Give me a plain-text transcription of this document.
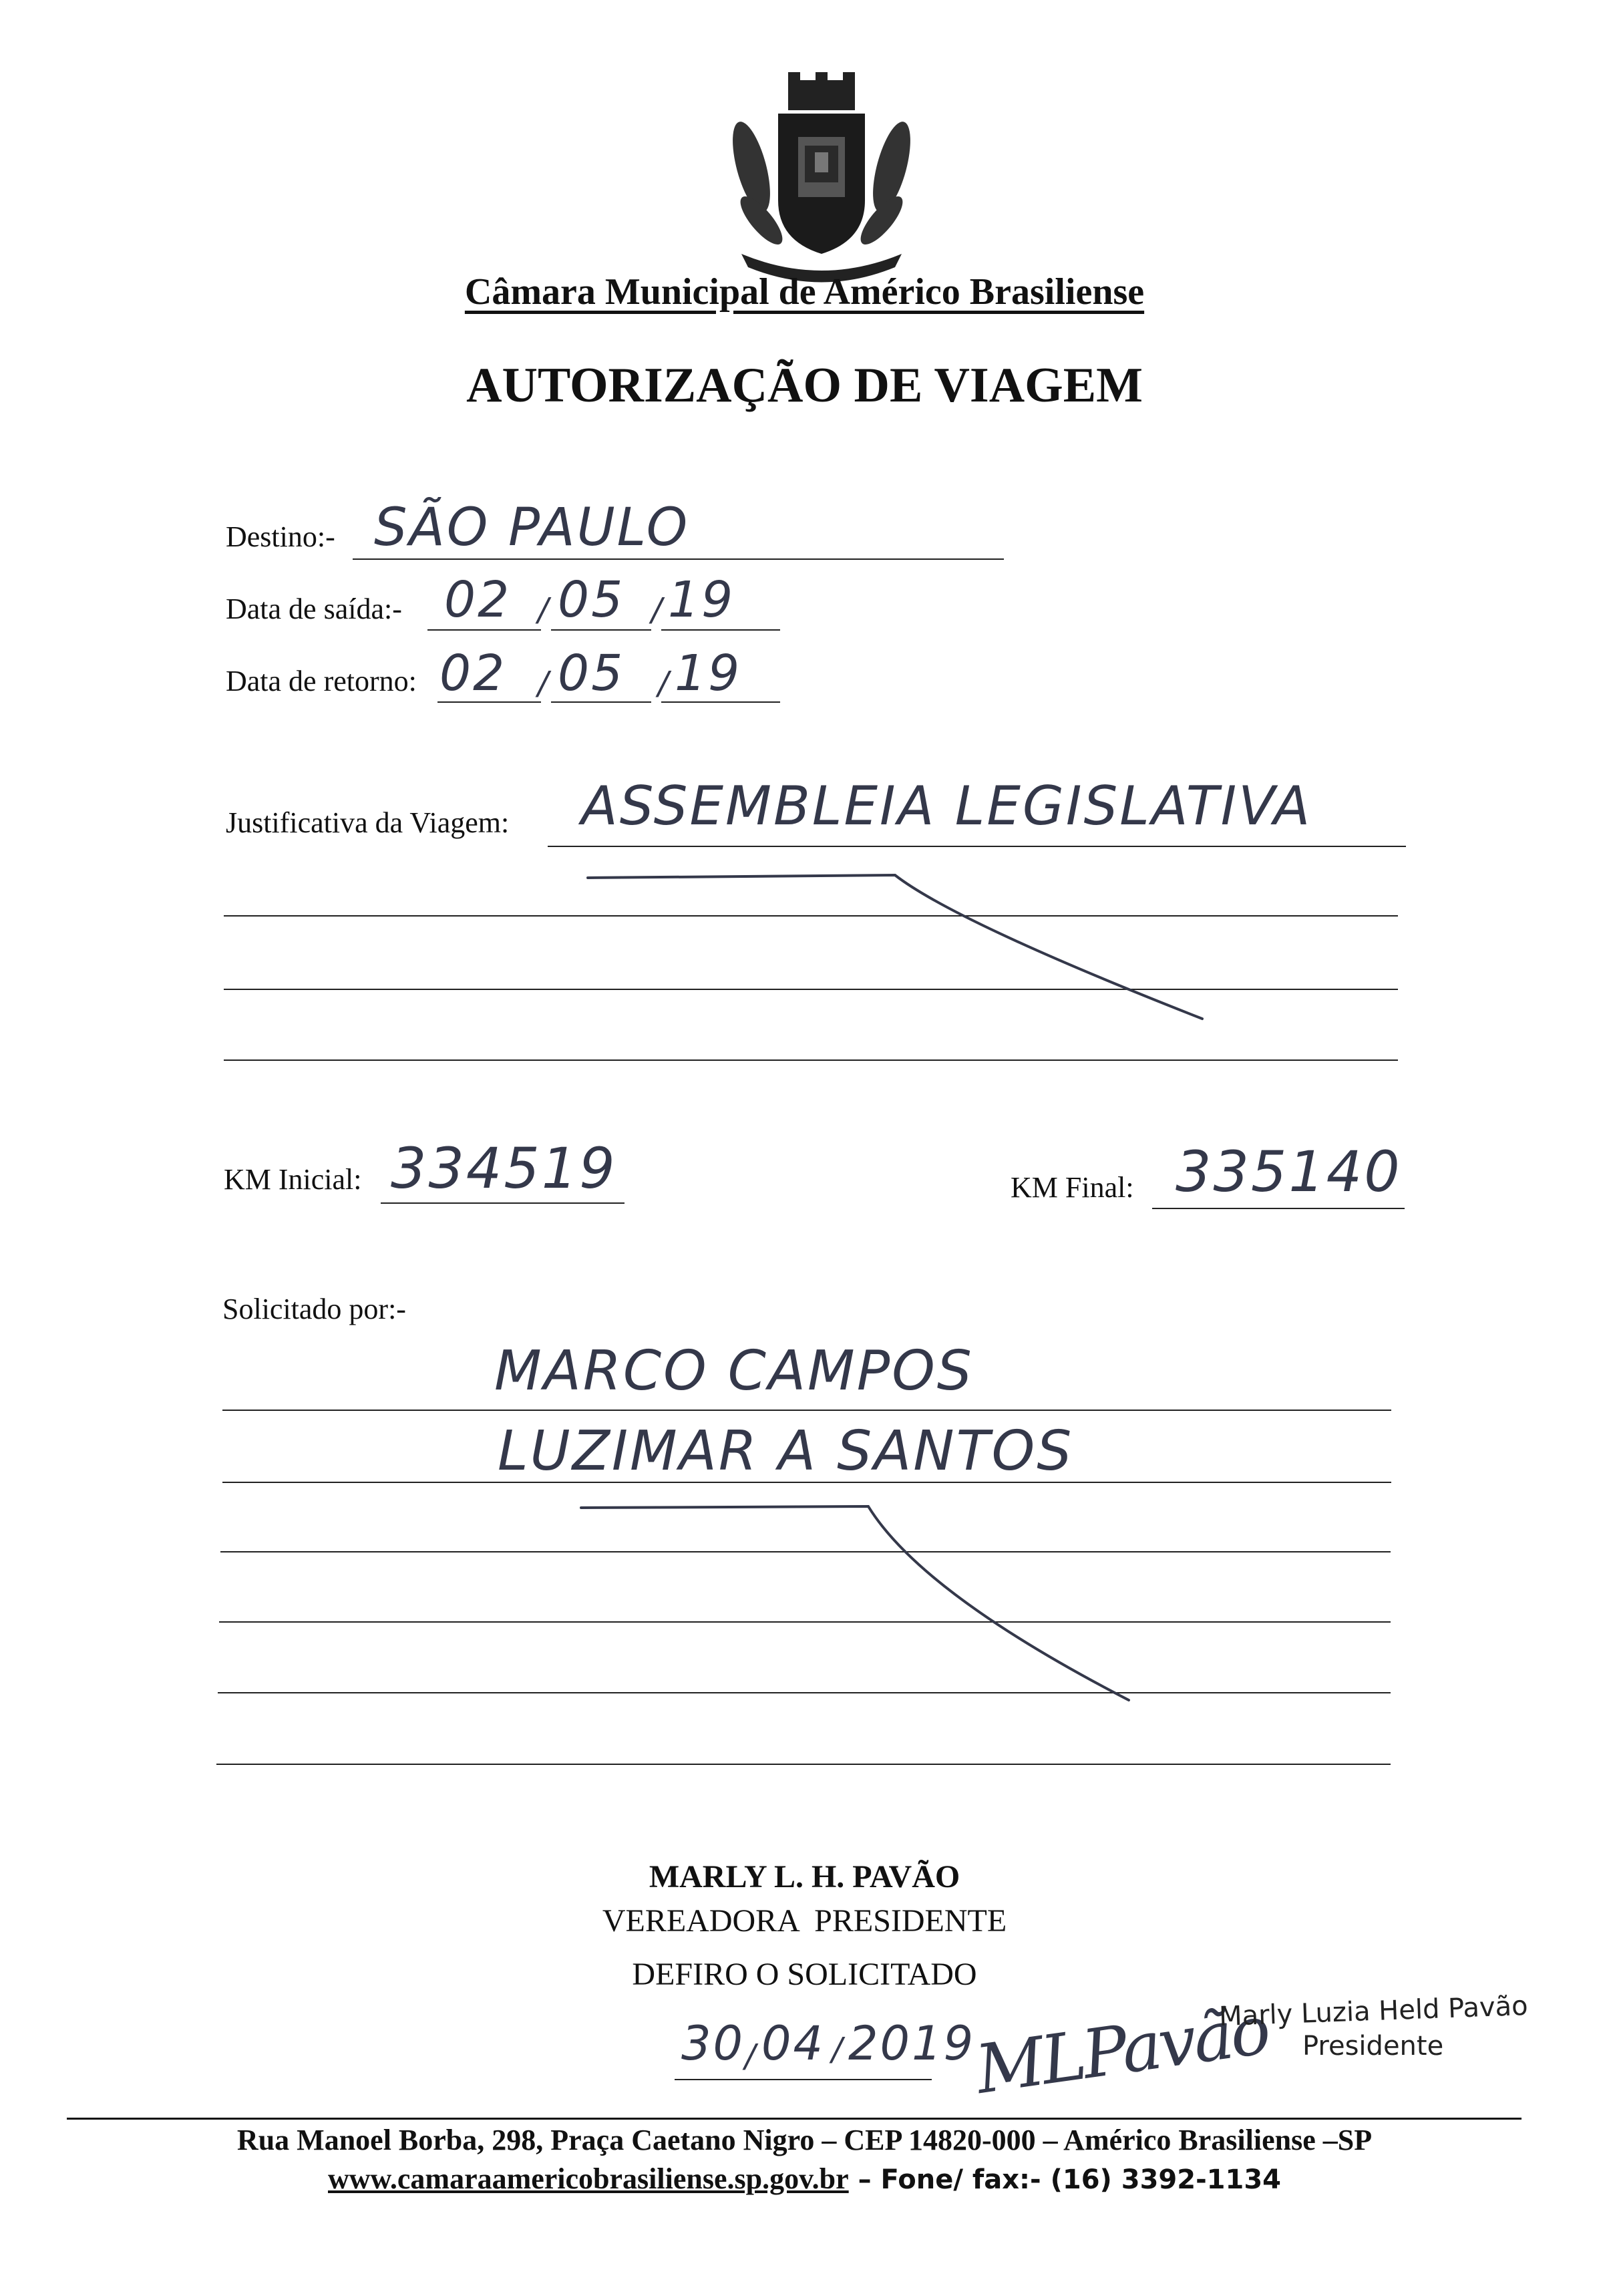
Câmara Municipal de Américo Brasiliense
AUTORIZAÇÃO DE VIAGEM
Destino:- SÃO PAULO
Data de saída:- 02 / 05 / 19
Data de retorno: 02 / 05 / 19
Justificativa da Viagem: ASSEMBLEIA LEGISLATIVA
KM Inicial: 334519	KM Final: 335140
Solicitado por:-
MARCO CAMPOS
LUZIMAR A SANTOS
MARLY L. H. PAVÃO
VEREADORA  PRESIDENTE
DEFIRO O SOLICITADO
30 / 04 / 2019
MLPavão
Marly Luzia Held Pavão
Presidente
Rua Manoel Borba, 298, Praça Caetano Nigro – CEP 14820-000 – Américo Brasiliense –SP
www.camaraamericobrasiliense.sp.gov.br – Fone/ fax:- (16) 3392-1134
